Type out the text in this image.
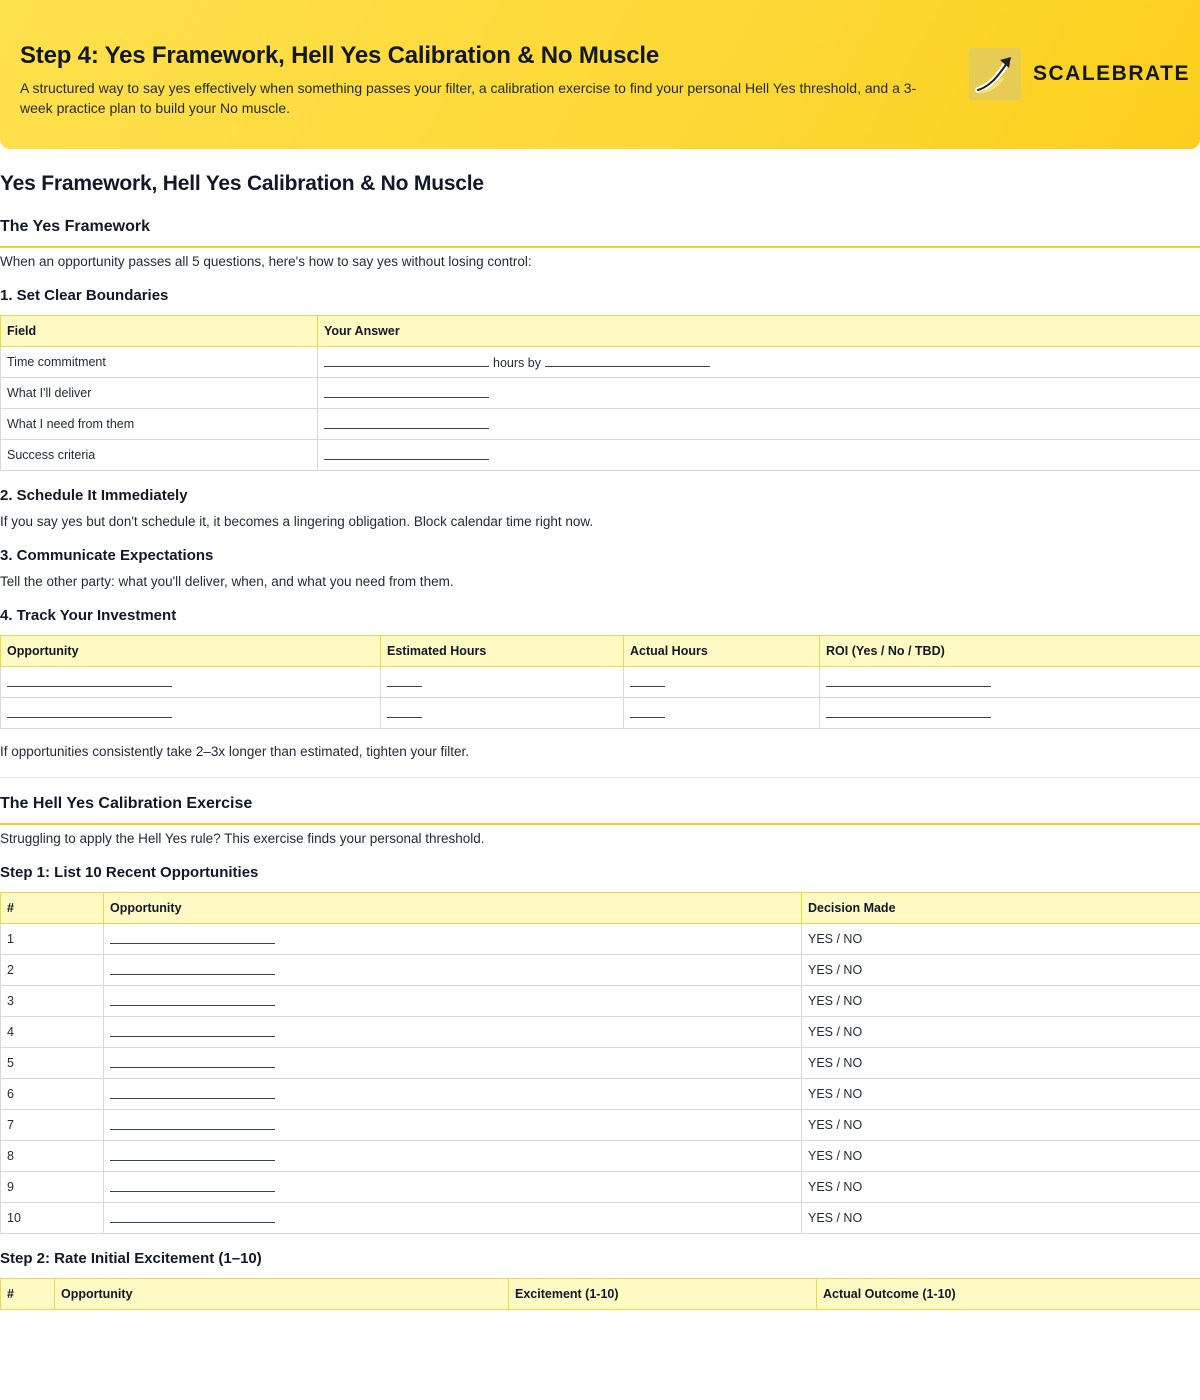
Step 4: Yes Framework, Hell Yes Calibration & No Muscle
A structured way to say yes effectively when something passes your filter, a calibration exercise to find your personal Hell Yes threshold, and a 3-week practice plan to build your No muscle.
SCALEBRATE
Yes Framework, Hell Yes Calibration & No Muscle
The Yes Framework
When an opportunity passes all 5 questions, here's how to say yes without losing control:
1. Set Clear Boundaries
Field	Your Answer
Time commitment	hours by
What I'll deliver	
What I need from them	
Success criteria	
2. Schedule It Immediately
If you say yes but don't schedule it, it becomes a lingering obligation. Block calendar time right now.
3. Communicate Expectations
Tell the other party: what you'll deliver, when, and what you need from them.
4. Track Your Investment
Opportunity	Estimated Hours	Actual Hours	ROI (Yes / No / TBD)

If opportunities consistently take 2–3x longer than estimated, tighten your filter.
The Hell Yes Calibration Exercise
Struggling to apply the Hell Yes rule? This exercise finds your personal threshold.
Step 1: List 10 Recent Opportunities
#	Opportunity	Decision Made
1		YES / NO
2		YES / NO
3		YES / NO
4		YES / NO
5		YES / NO
6		YES / NO
7		YES / NO
8		YES / NO
9		YES / NO
10		YES / NO
Step 2: Rate Initial Excitement (1–10)
#	Opportunity	Excitement (1-10)	Actual Outcome (1-10)
